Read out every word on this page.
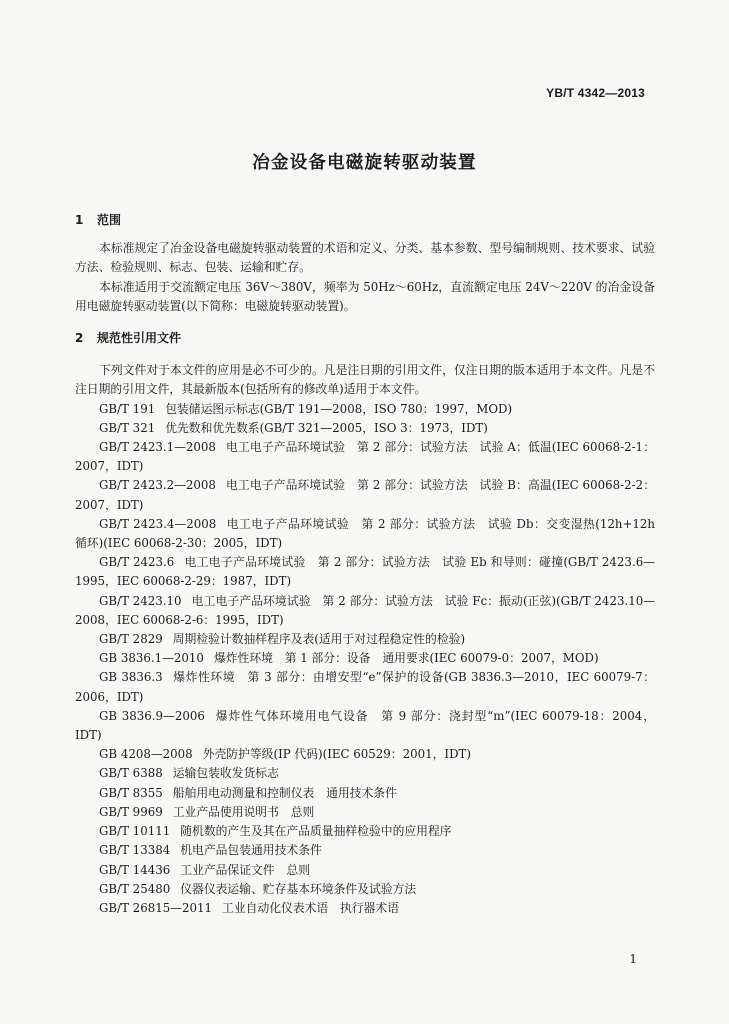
YB/T 4342—2013
冶金设备电磁旋转驱动装置
1 范围

本标准规定了冶金设备电磁旋转驱动装置的术语和定义、分类、基本参数、型号编制规则、技术要求、试验方法、检验规则、标志、包装、运输和贮存。

本标准适用于交流额定电压 36V～380V，频率为 50Hz～60Hz，直流额定电压 24V～220V 的冶金设备用电磁旋转驱动装置(以下简称：电磁旋转驱动装置)。

2 规范性引用文件

下列文件对于本文件的应用是必不可少的。凡是注日期的引用文件，仅注日期的版本适用于本文件。凡是不注日期的引用文件，其最新版本(包括所有的修改单)适用于本文件。

GB/T 191 包装储运图示标志(GB/T 191—2008，ISO 780：1997，MOD)
GB/T 321 优先数和优先数系(GB/T 321—2005，ISO 3：1973，IDT)
GB/T 2423.1—2008 电工电子产品环境试验　第 2 部分：试验方法　试验 A：低温(IEC 60068-2-1：2007，IDT)
GB/T 2423.2—2008 电工电子产品环境试验　第 2 部分：试验方法　试验 B：高温(IEC 60068-2-2：2007，IDT)
GB/T 2423.4—2008 电工电子产品环境试验　第 2 部分：试验方法　试验 Db：交变湿热(12h+12h 循环)(IEC 60068-2-30：2005，IDT)
GB/T 2423.6 电工电子产品环境试验　第 2 部分：试验方法　试验 Eb 和导则：碰撞(GB/T 2423.6—1995，IEC 60068-2-29：1987，IDT)
GB/T 2423.10 电工电子产品环境试验　第 2 部分：试验方法　试验 Fc：振动(正弦)(GB/T 2423.10—2008，IEC 60068-2-6：1995，IDT)
GB/T 2829 周期检验计数抽样程序及表(适用于对过程稳定性的检验)
GB 3836.1—2010 爆炸性环境　第 1 部分：设备　通用要求(IEC 60079-0：2007，MOD)
GB 3836.3 爆炸性环境　第 3 部分：由增安型“e”保护的设备(GB 3836.3—2010，IEC 60079-7：2006，IDT)
GB 3836.9—2006 爆炸性气体环境用电气设备　第 9 部分：浇封型“m”(IEC 60079-18：2004，IDT)
GB 4208—2008 外壳防护等级(IP 代码)(IEC 60529：2001，IDT)
GB/T 6388 运输包装收发货标志
GB/T 8355 船舶用电动测量和控制仪表　通用技术条件
GB/T 9969 工业产品使用说明书　总则
GB/T 10111 随机数的产生及其在产品质量抽样检验中的应用程序
GB/T 13384 机电产品包装通用技术条件
GB/T 14436 工业产品保证文件　总则
GB/T 25480 仪器仪表运输、贮存基本环境条件及试验方法
GB/T 26815—2011 工业自动化仪表术语　执行器术语
1
